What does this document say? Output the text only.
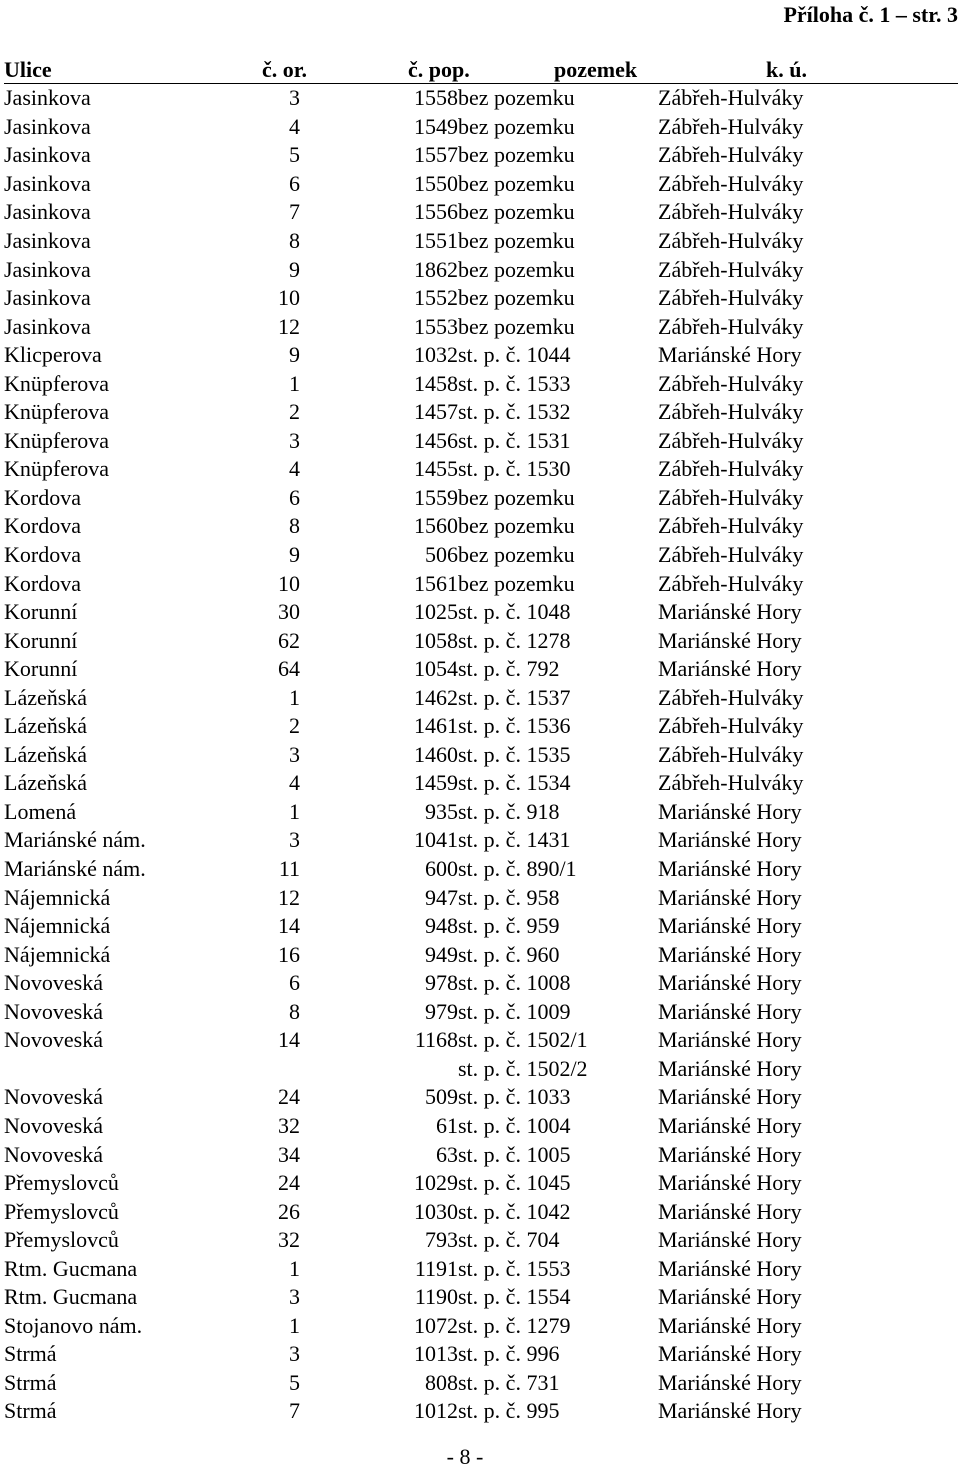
Příloha č. 1 – str. 3
Ulice	č. or.	č. pop.	pozemek	k. ú.
Jasinkova	3	1558	bez pozemku	Zábřeh-Hulváky
Jasinkova	4	1549	bez pozemku	Zábřeh-Hulváky
Jasinkova	5	1557	bez pozemku	Zábřeh-Hulváky
Jasinkova	6	1550	bez pozemku	Zábřeh-Hulváky
Jasinkova	7	1556	bez pozemku	Zábřeh-Hulváky
Jasinkova	8	1551	bez pozemku	Zábřeh-Hulváky
Jasinkova	9	1862	bez pozemku	Zábřeh-Hulváky
Jasinkova	10	1552	bez pozemku	Zábřeh-Hulváky
Jasinkova	12	1553	bez pozemku	Zábřeh-Hulváky
Klicperova	9	1032	st. p. č. 1044	Mariánské Hory
Knüpferova	1	1458	st. p. č. 1533	Zábřeh-Hulváky
Knüpferova	2	1457	st. p. č. 1532	Zábřeh-Hulváky
Knüpferova	3	1456	st. p. č. 1531	Zábřeh-Hulváky
Knüpferova	4	1455	st. p. č. 1530	Zábřeh-Hulváky
Kordova	6	1559	bez pozemku	Zábřeh-Hulváky
Kordova	8	1560	bez pozemku	Zábřeh-Hulváky
Kordova	9	506	bez pozemku	Zábřeh-Hulváky
Kordova	10	1561	bez pozemku	Zábřeh-Hulváky
Korunní	30	1025	st. p. č. 1048	Mariánské Hory
Korunní	62	1058	st. p. č. 1278	Mariánské Hory
Korunní	64	1054	st. p. č. 792	Mariánské Hory
Lázeňská	1	1462	st. p. č. 1537	Zábřeh-Hulváky
Lázeňská	2	1461	st. p. č. 1536	Zábřeh-Hulváky
Lázeňská	3	1460	st. p. č. 1535	Zábřeh-Hulváky
Lázeňská	4	1459	st. p. č. 1534	Zábřeh-Hulváky
Lomená	1	935	st. p. č. 918	Mariánské Hory
Mariánské nám.	3	1041	st. p. č. 1431	Mariánské Hory
Mariánské nám.	11	600	st. p. č. 890/1	Mariánské Hory
Nájemnická	12	947	st. p. č. 958	Mariánské Hory
Nájemnická	14	948	st. p. č. 959	Mariánské Hory
Nájemnická	16	949	st. p. č. 960	Mariánské Hory
Novoveská	6	978	st. p. č. 1008	Mariánské Hory
Novoveská	8	979	st. p. č. 1009	Mariánské Hory
Novoveská	14	1168	st. p. č. 1502/1	Mariánské Hory
			st. p. č. 1502/2	Mariánské Hory
Novoveská	24	509	st. p. č. 1033	Mariánské Hory
Novoveská	32	61	st. p. č. 1004	Mariánské Hory
Novoveská	34	63	st. p. č. 1005	Mariánské Hory
Přemyslovců	24	1029	st. p. č. 1045	Mariánské Hory
Přemyslovců	26	1030	st. p. č. 1042	Mariánské Hory
Přemyslovců	32	793	st. p. č. 704	Mariánské Hory
Rtm. Gucmana	1	1191	st. p. č. 1553	Mariánské Hory
Rtm. Gucmana	3	1190	st. p. č. 1554	Mariánské Hory
Stojanovo nám.	1	1072	st. p. č. 1279	Mariánské Hory
Strmá	3	1013	st. p. č. 996	Mariánské Hory
Strmá	5	808	st. p. č. 731	Mariánské Hory
Strmá	7	1012	st. p. č. 995	Mariánské Hory
- 8 -
